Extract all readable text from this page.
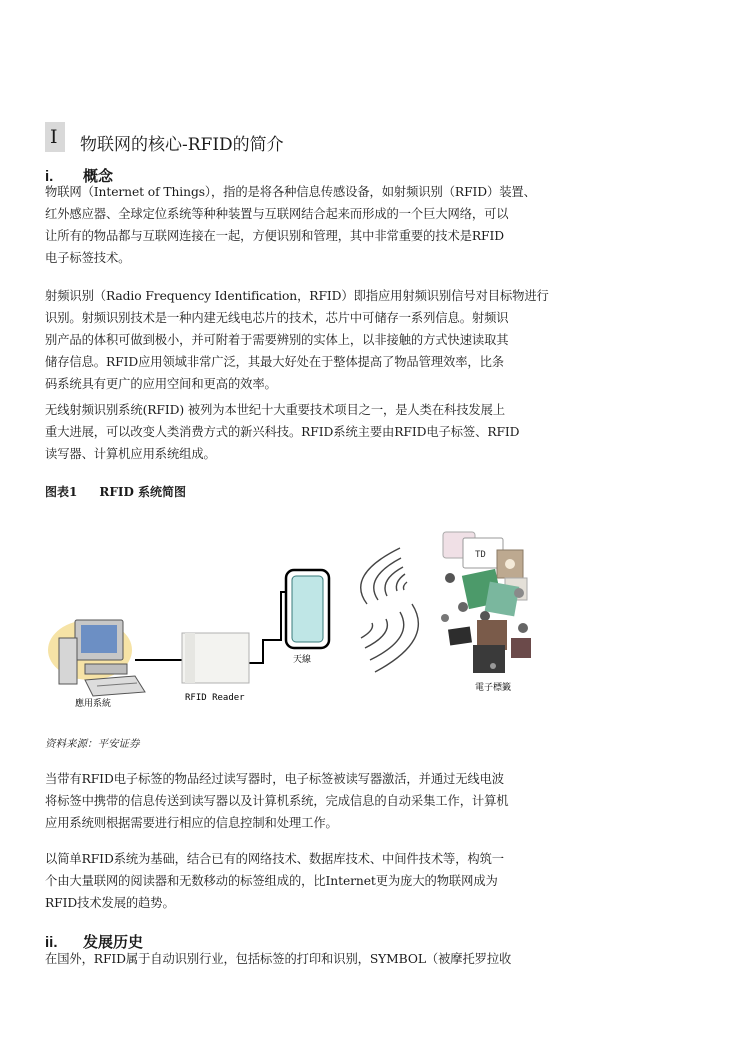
I 物联网的核心-RFID的简介
i. 概念

物联网（Internet of Things），指的是将各种信息传感设备，如射频识别（RFID）装置、

红外感应器、全球定位系统等种种装置与互联网结合起来而形成的一个巨大网络，可以

让所有的物品都与互联网连接在一起，方便识别和管理，其中非常重要的技术是RFID

电子标签技术。

射频识别（Radio Frequency Identification，RFID）即指应用射频识别信号对目标物进行

识别。射频识别技术是一种内建无线电芯片的技术，芯片中可储存一系列信息。射频识

别产品的体积可做到极小，并可附着于需要辨别的实体上，以非接触的方式快速读取其

储存信息。RFID应用领域非常广泛，其最大好处在于整体提高了物品管理效率，比条

码系统具有更广的应用空间和更高的效率。

无线射频识别系统(RFID) 被列为本世纪十大重要技术项目之一，是人类在科技发展上

重大进展，可以改变人类消费方式的新兴科技。RFID系统主要由RFID电子标签、RFID

读写器、计算机应用系统组成。

图表1 RFID 系统简图
應用系統
RFID Reader
天線
TD
電子標籤
资料来源：平安证券

当带有RFID电子标签的物品经过读写器时，电子标签被读写器激活，并通过无线电波

将标签中携带的信息传送到读写器以及计算机系统，完成信息的自动采集工作，计算机

应用系统则根据需要进行相应的信息控制和处理工作。

以简单RFID系统为基础，结合已有的网络技术、数据库技术、中间件技术等，构筑一

个由大量联网的阅读器和无数移动的标签组成的，比Internet更为庞大的物联网成为

RFID技术发展的趋势。

ii. 发展历史

在国外，RFID属于自动识别行业，包括标签的打印和识别，SYMBOL（被摩托罗拉收
